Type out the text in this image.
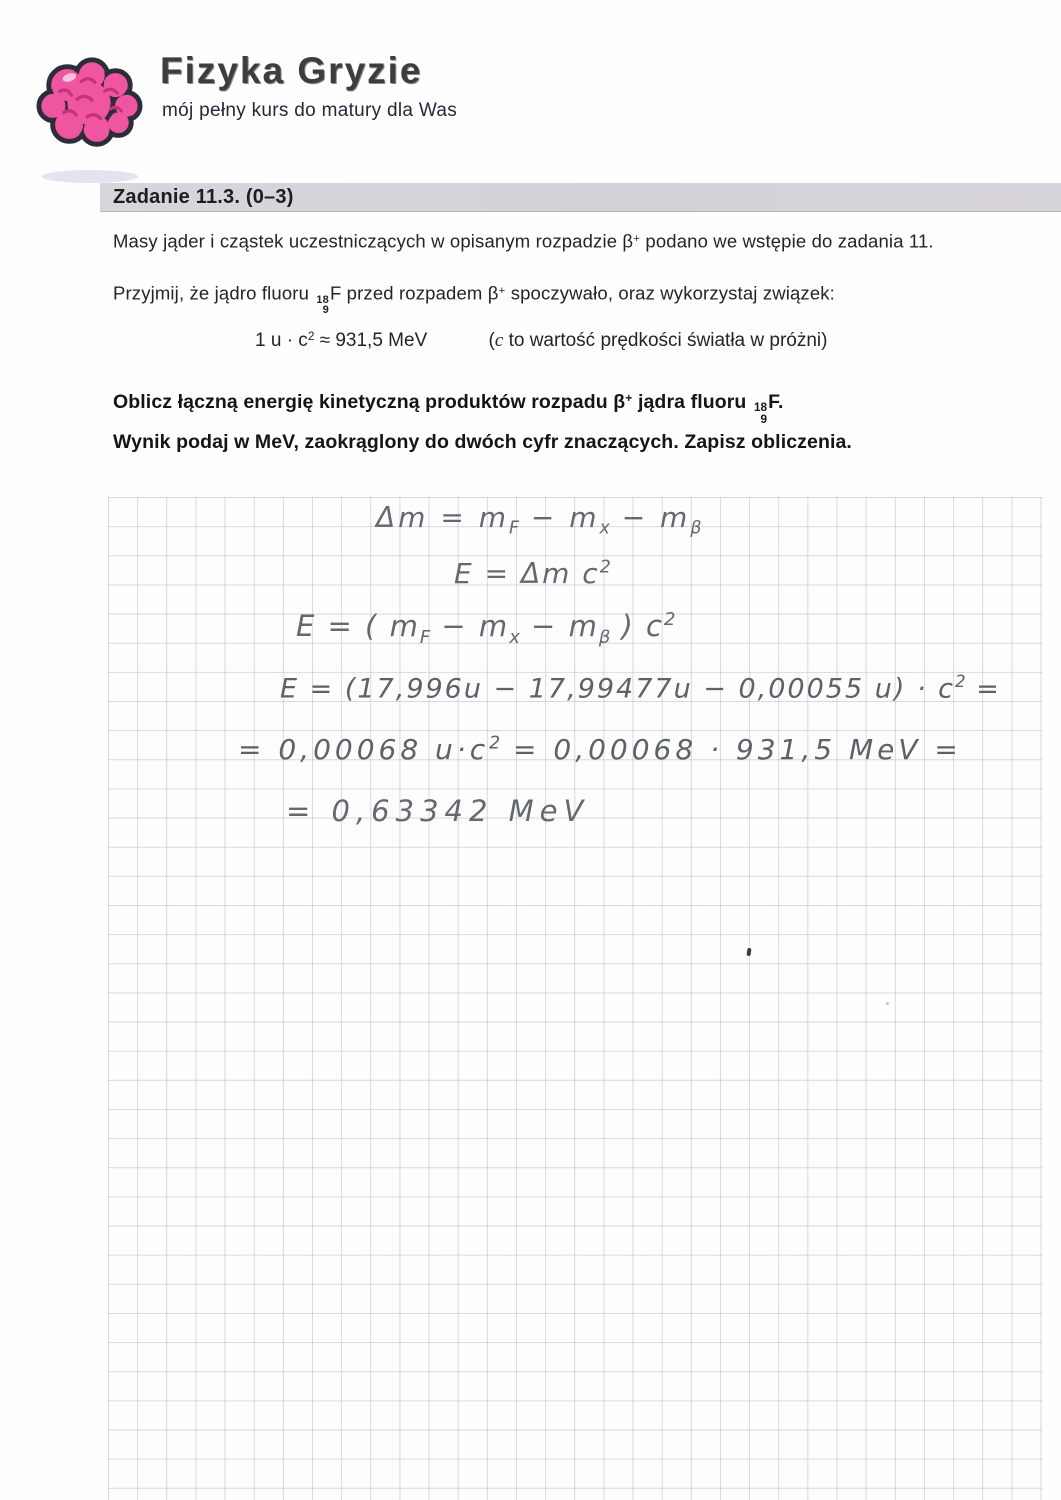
Fizyka Gryzie
mój pełny kurs do matury dla Was
Zadanie 11.3. (0–3)
Masy jąder i cząstek uczestniczących w opisanym rozpadzie β+ podano we wstępie do zadania 11.
Przyjmij, że jądro fluoru 18
9
F przed rozpadem β+ spoczywało, oraz wykorzystaj związek:
1 $u \cdot c^2 \approx 931,5$ MeV	(c to wartość prędkości światła w próżni)
Oblicz łączną energię kinetyczną produktów rozpadu β+ jądra fluoru 18
9
F.
Wynik podaj w MeV, zaokrąglony do dwóch cyfr znaczących. Zapisz obliczenia.
$\Delta m = m_F - m_x - m_\beta$
E = Δm $c^2$
E = ( $m_F - m_x - m_\beta$ ) $c^2$
E = (17,996u − 17,99477u − 0,00055 $u) \cdot c^2$ =
= 0,00068 $u\cdot c^2 = 0,00068 \cdot 931,5$ MeV =
= 0,63342 MeV
